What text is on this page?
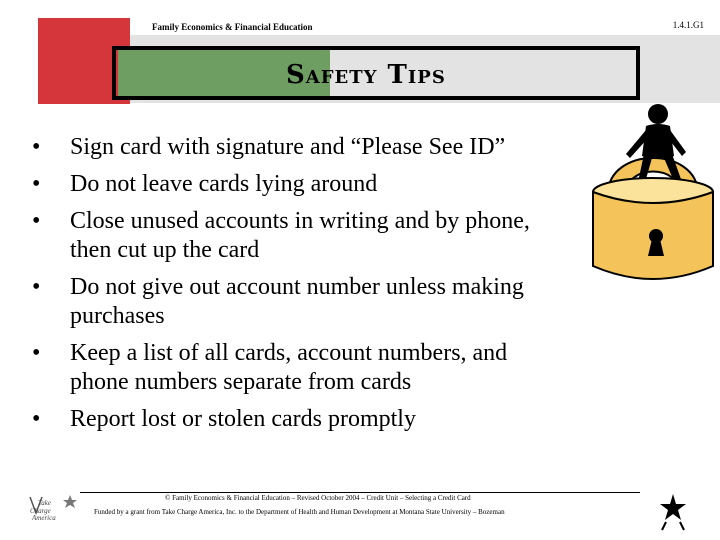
Family Economics & Financial Education	1.4.1.G1
Safety Tips
• Sign card with signature and “Please See ID”
• Do not leave cards lying around
• Close unused accounts in writing and by phone, then cut up the card
• Do not give out account number unless making purchases
• Keep a list of all cards, account numbers, and phone numbers separate from cards
• Report lost or stolen cards promptly
© Family Economics & Financial Education – Revised October 2004 – Credit Unit – Selecting a Credit Card
Funded by a grant from Take Charge America, Inc. to the Department of Health and Human Development at Montana State University – Bozeman
Take
Charge
America
